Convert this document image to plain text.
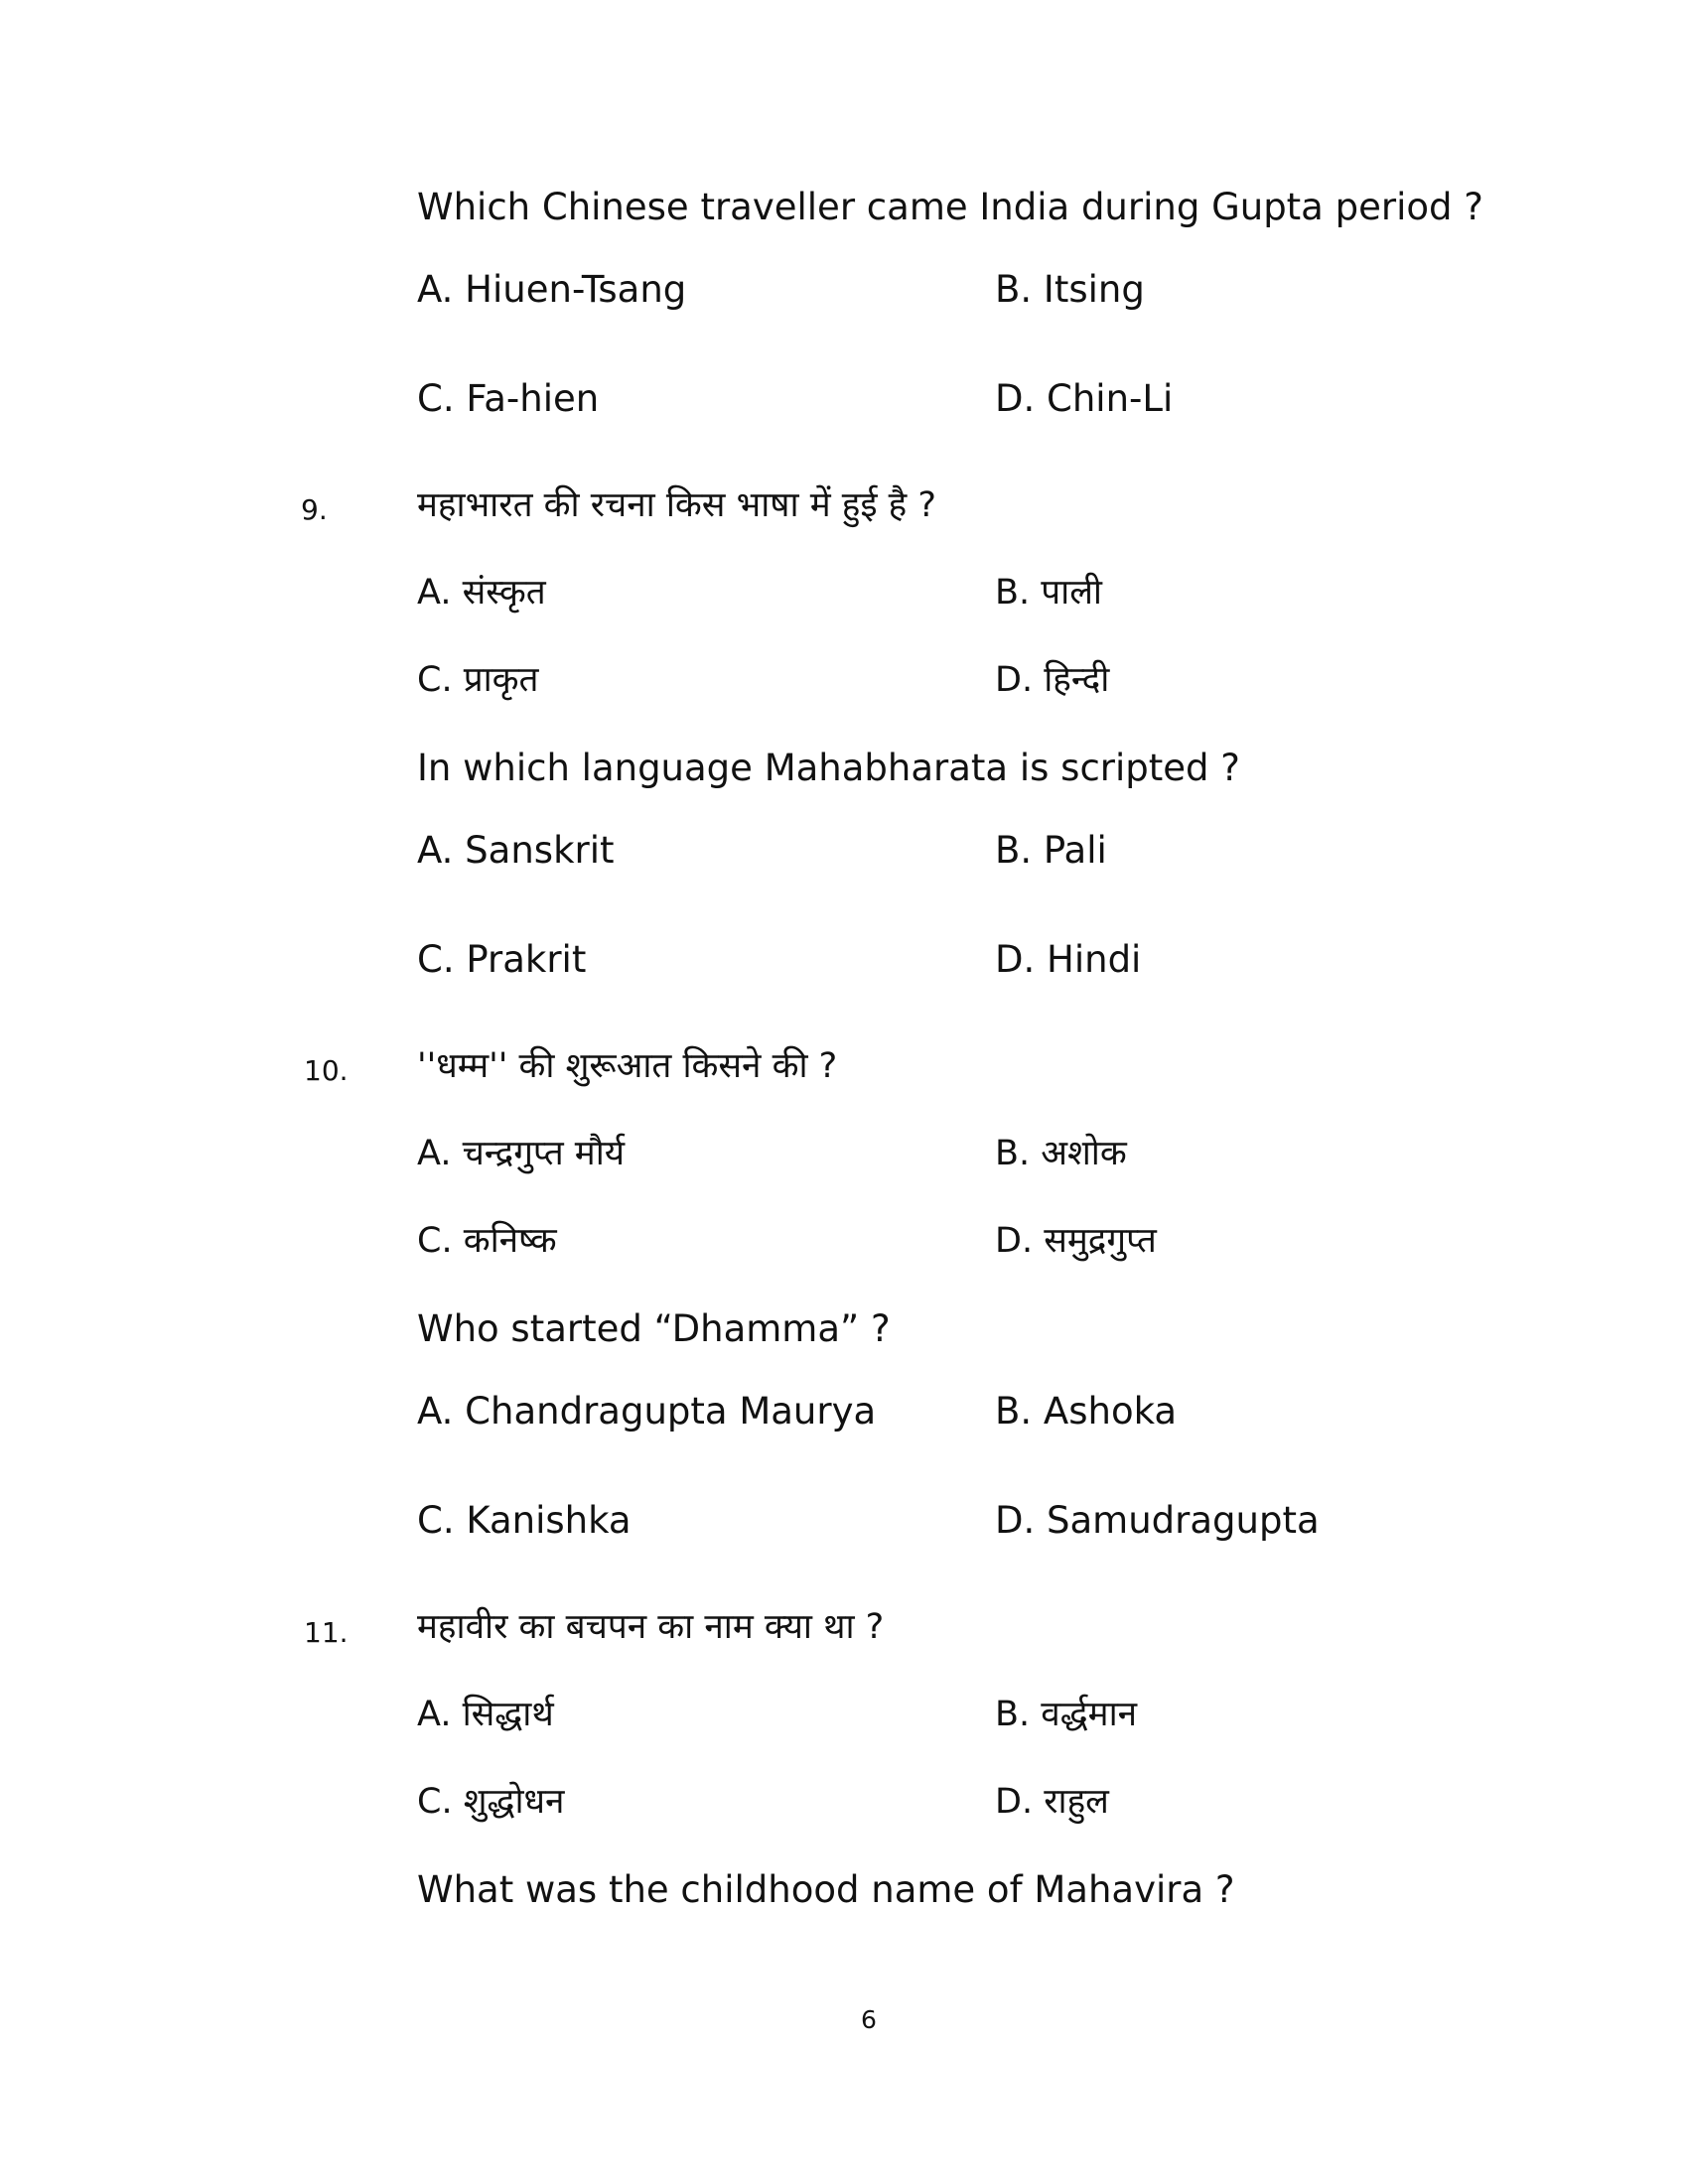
Which Chinese traveller came India during Gupta period ?
A. Hiuen-Tsang	B. Itsing
C. Fa-hien	D. Chin-Li
9.	महाभारत की रचना किस भाषा में हुई है ?
A. संस्कृत	B. पाली
C. प्राकृत	D. हिन्दी
In which language Mahabharata is scripted ?
A. Sanskrit	B. Pali
C. Prakrit	D. Hindi
10. ''धम्म'' की शुरूआत किसने की ?
A. चन्द्रगुप्त मौर्य	B. अशोक
C. कनिष्क	D. समुद्रगुप्त
Who started “Dhamma” ?
A. Chandragupta Maurya	B. Ashoka
C. Kanishka	D. Samudragupta
11. महावीर का बचपन का नाम क्या था ?
A. सिद्धार्थ	B. वर्द्धमान
C. शुद्धोधन	D. राहुल
What was the childhood name of Mahavira ?
6
